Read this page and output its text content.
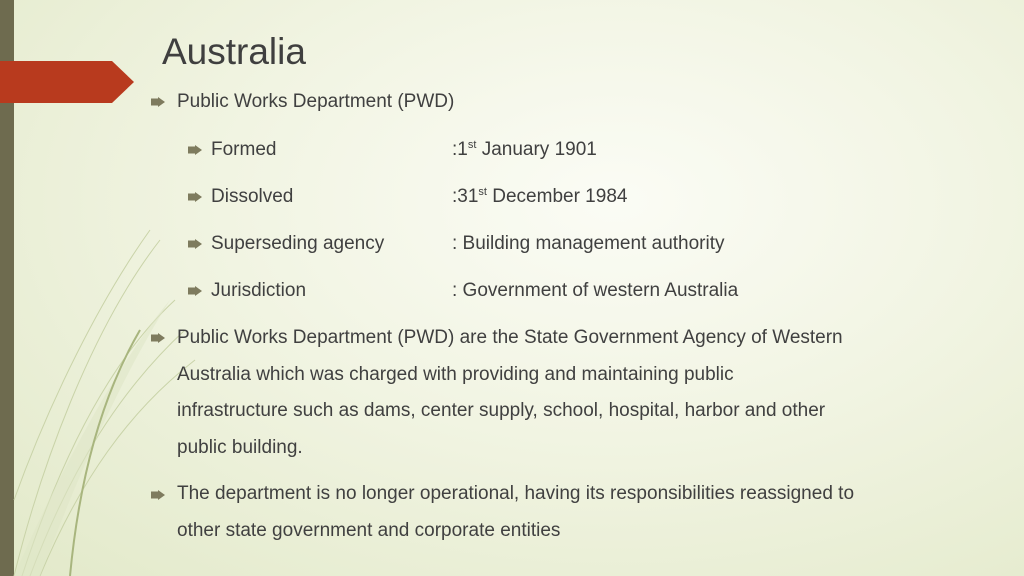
Australia
Public Works Department (PWD)
Formed	:1st January 1901
Dissolved	:31st December 1984
Superseding agency	: Building management authority
Jurisdiction	: Government of western Australia
Public Works Department (PWD) are the State Government Agency of Western
Australia which was charged with providing and maintaining public
infrastructure such as dams, center supply, school, hospital, harbor and other
public building.
The department is no longer operational, having its responsibilities reassigned to
other state government and corporate entities
